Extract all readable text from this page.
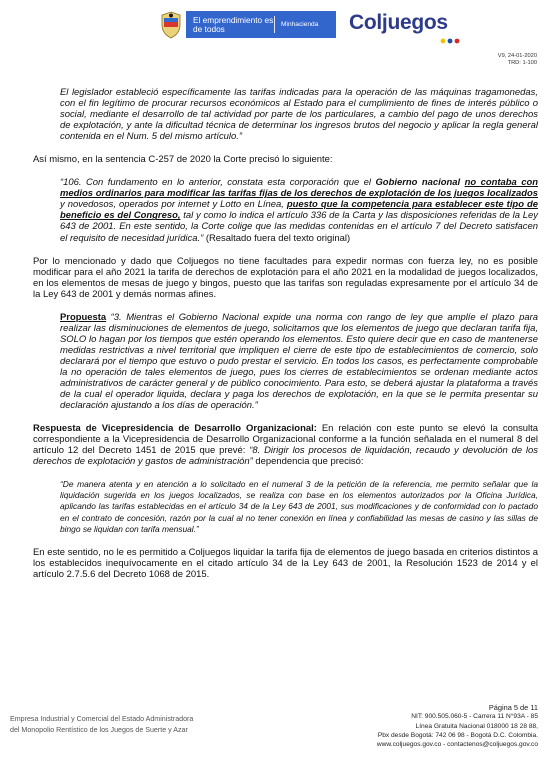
El emprendimiento es de todos	Minhacienda Coljuegos
V9, 24-01-2020
TRD: 1-100

El legislador estableció específicamente las tarifas indicadas para la operación de las máquinas tragamonedas, con el fin legítimo de procurar recursos económicos al Estado para el cumplimiento de fines de interés público o social, mediante el desarrollo de tal actividad por parte de los particulares, a cambio del pago de unos derechos de explotación, y ante la dificultad técnica de determinar los ingresos brutos del negocio y aplicar la regla general contenida en el Num. 5 del mismo artículo.”

Así mismo, en la sentencia C-257 de 2020 la Corte precisó lo siguiente:

“106. Con fundamento en lo anterior, constata esta corporación que el Gobierno nacional no contaba con medios ordinarios para modificar las tarifas fijas de los derechos de explotación de los juegos localizados y novedosos, operados por internet y Lotto en Línea, puesto que la competencia para establecer este tipo de beneficio es del Congreso, tal y como lo indica el artículo 336 de la Carta y las disposiciones referidas de la Ley 643 de 2001. En este sentido, la Corte colige que las medidas contenidas en el artículo 7 del Decreto satisfacen el requisito de necesidad jurídica.” (Resaltado fuera del texto original)

Por lo mencionado y dado que Coljuegos no tiene facultades para expedir normas con fuerza ley, no es posible modificar para el año 2021 la tarifa de derechos de explotación para el año 2021 en la modalidad de juegos localizados, en los elementos de mesas de juego y bingos, puesto que las tarifas son reguladas expresamente por el artículo 34 de la Ley 643 de 2001 y demás normas afines.

Propuesta “3. Mientras el Gobierno Nacional expide una norma con rango de ley que amplíe el plazo para realizar las disminuciones de elementos de juego, solicitamos que los elementos de juego que declaran tarifa fija, SOLO lo hagan por los tiempos que estén operando los elementos. Esto quiere decir que en caso de mantenerse medidas restrictivas a nivel territorial que impliquen el cierre de este tipo de establecimientos de comercio, solo declarará por el tiempo que estuvo o pudo prestar el servicio. En todos los casos, es perfectamente comprobable la no operación de tales elementos de juego, pues los cierres de establecimientos se ordenan mediante actos administrativos de carácter general y de público conocimiento. Para esto, se deberá ajustar la plataforma a través de la cual el operador liquida, declara y paga los derechos de explotación, en la que se le permita presentar su declaración ajustando a los días de operación.”

Respuesta de Vicepresidencia de Desarrollo Organizacional: En relación con este punto se elevó la consulta correspondiente a la Vicepresidencia de Desarrollo Organizacional conforme a la función señalada en el numeral 8 del artículo 12 del Decreto 1451 de 2015 que prevé: “8. Dirigir los procesos de liquidación, recaudo y devolución de los derechos de explotación y gastos de administración” dependencia que precisó:

“De manera atenta y en atención a lo solicitado en el numeral 3 de la petición de la referencia, me permito señalar que la liquidación sugerida en los juegos localizados, se realiza con base en los elementos autorizados por la Oficina Jurídica, aplicando las tarifas establecidas en el artículo 34 de la Ley 643 de 2001, sus modificaciones y de conformidad con lo pactado en el contrato de concesión, razón por la cual al no tener conexión en línea y confiabilidad las mesas de casino y las sillas de bingo se liquidan con tarifa mensual.”

En este sentido, no le es permitido a Coljuegos liquidar la tarifa fija de elementos de juego basada en criterios distintos a los establecidos inequívocamente en el citado artículo 34 de la Ley 643 de 2001, la Resolución 1523 de 2014 y el artículo 2.7.5.6 del Decreto 1068 de 2015.

Empresa Industrial y Comercial del Estado Administradora
del Monopolio Rentístico de los Juegos de Suerte y Azar
Página 5 de 11
NIT: 900.505.060-5 - Carrera 11 N°93A - 85
Línea Gratuita Nacional 018000 18 28 88,
Pbx desde Bogotá: 742 06 98 - Bogotá D.C. Colombia.
www.coljuegos.gov.co - contactenos@coljuegos.gov.co
